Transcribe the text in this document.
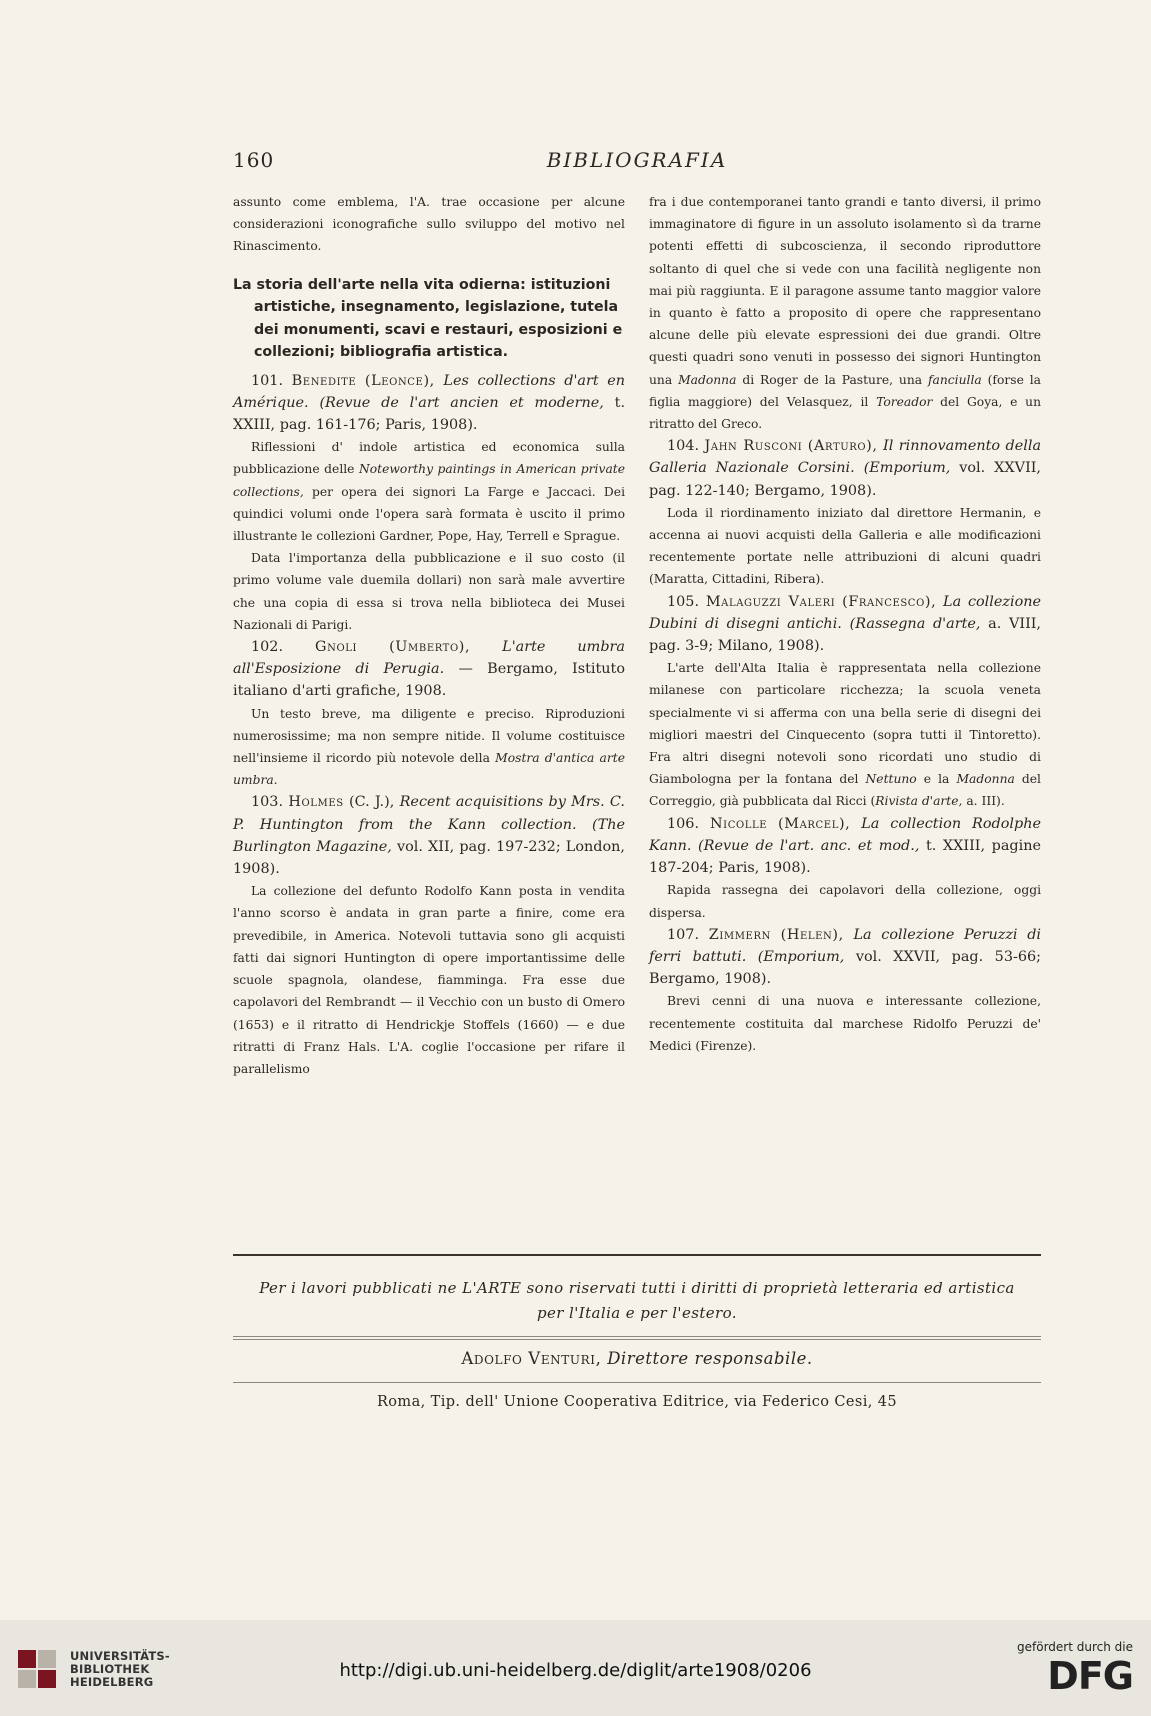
160	BIBLIOGRAFIA

assunto come emblema, l'A. trae occasione per alcune considerazioni iconografiche sullo sviluppo del motivo nel Rinascimento.

La storia dell'arte nella vita odierna: istituzioni
artistiche, insegnamento, legislazione, tutela
dei monumenti, scavi e restauri, esposizioni e
collezioni; bibliografia artistica.

101. Benedite (Leonce), Les collections d'art en Amérique. (Revue de l'art ancien et moderne, t. XXIII, pag. 161-176; Paris, 1908).

Riflessioni d' indole artistica ed economica sulla pubblicazione delle Noteworthy paintings in American private collections, per opera dei signori La Farge e Jaccaci. Dei quindici volumi onde l'opera sarà formata è uscito il primo illustrante le collezioni Gardner, Pope, Hay, Terrell e Sprague.

Data l'importanza della pubblicazione e il suo costo (il primo volume vale duemila dollari) non sarà male avvertire che una copia di essa si trova nella biblioteca dei Musei Nazionali di Parigi.

102. Gnoli (Umberto), L'arte umbra all'Esposizione di Perugia. — Bergamo, Istituto italiano d'arti grafiche, 1908.

Un testo breve, ma diligente e preciso. Riproduzioni numerosissime; ma non sempre nitide. Il volume costituisce nell'insieme il ricordo più notevole della Mostra d'antica arte umbra.

103. Holmes (C. J.), Recent acquisitions by Mrs. C. P. Huntington from the Kann collection. (The Burlington Magazine, vol. XII, pag. 197-232; London, 1908).

La collezione del defunto Rodolfo Kann posta in vendita l'anno scorso è andata in gran parte a finire, come era prevedibile, in America. Notevoli tuttavia sono gli acquisti fatti dai signori Huntington di opere importantissime delle scuole spagnola, olandese, fiamminga. Fra esse due capolavori del Rembrandt — il Vecchio con un busto di Omero (1653) e il ritratto di Hendrickje Stoffels (1660) — e due ritratti di Franz Hals. L'A. coglie l'occasione per rifare il parallelismo

fra i due contemporanei tanto grandi e tanto diversi, il primo immaginatore di figure in un assoluto isolamento sì da trarne potenti effetti di subcoscienza, il secondo riproduttore soltanto di quel che si vede con una facilità negligente non mai più raggiunta. E il paragone assume tanto maggior valore in quanto è fatto a proposito di opere che rappresentano alcune delle più elevate espressioni dei due grandi. Oltre questi quadri sono venuti in possesso dei signori Huntington una Madonna di Roger de la Pasture, una fanciulla (forse la figlia maggiore) del Velasquez, il Toreador del Goya, e un ritratto del Greco.

104. Jahn Rusconi (Arturo), Il rinnovamento della Galleria Nazionale Corsini. (Emporium, vol. XXVII, pag. 122-140; Bergamo, 1908).

Loda il riordinamento iniziato dal direttore Hermanin, e accenna ai nuovi acquisti della Galleria e alle modificazioni recentemente portate nelle attribuzioni di alcuni quadri (Maratta, Cittadini, Ribera).

105. Malaguzzi Valeri (Francesco), La collezione Dubini di disegni antichi. (Rassegna d'arte, a. VIII, pag. 3-9; Milano, 1908).

L'arte dell'Alta Italia è rappresentata nella collezione milanese con particolare ricchezza; la scuola veneta specialmente vi si afferma con una bella serie di disegni dei migliori maestri del Cinquecento (sopra tutti il Tintoretto). Fra altri disegni notevoli sono ricordati uno studio di Giambologna per la fontana del Nettuno e la Madonna del Correggio, già pubblicata dal Ricci (Rivista d'arte, a. III).

106. Nicolle (Marcel), La collection Rodolphe Kann. (Revue de l'art. anc. et mod., t. XXIII, pagine 187-204; Paris, 1908).

Rapida rassegna dei capolavori della collezione, oggi dispersa.

107. Zimmern (Helen), La collezione Peruzzi di ferri battuti. (Emporium, vol. XXVII, pag. 53-66; Bergamo, 1908).

Brevi cenni di una nuova e interessante collezione, recentemente costituita dal marchese Ridolfo Peruzzi de' Medici (Firenze).

Per i lavori pubblicati ne L'ARTE sono riservati tutti i diritti di proprietà letteraria ed artistica
per l'Italia e per l'estero.
Adolfo Venturi, Direttore responsabile.
Roma, Tip. dell' Unione Cooperativa Editrice, via Federico Cesi, 45
UNIVERSITÄTS-
BIBLIOTHEK
HEIDELBERG
http://digi.ub.uni-heidelberg.de/diglit/arte1908/0206
gefördert durch die
DFG
